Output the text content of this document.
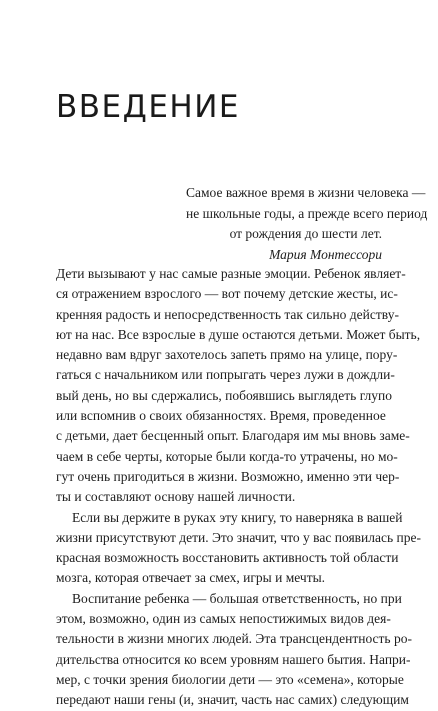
ВВЕДЕНИЕ
Самое важное время в жизни человека —
не школьные годы, а прежде всего период
от рождения до шести лет.
Мария Монтессори
Дети вызывают у нас самые разные эмоции. Ребенок являет-
ся отражением взрослого — вот почему детские жесты, ис-
кренняя радость и непосредственность так сильно действу-
ют на нас. Все взрослые в душе остаются детьми. Может быть,
недавно вам вдруг захотелось запеть прямо на улице, пору-
гаться с начальником или попрыгать через лужи в дождли-
вый день, но вы сдержались, побоявшись выглядеть глупо
или вспомнив о своих обязанностях. Время, проведенное
с детьми, дает бесценный опыт. Благодаря им мы вновь заме-
чаем в себе черты, которые были когда-то утрачены, но мо-
гут очень пригодиться в жизни. Возможно, именно эти чер-
ты и составляют основу нашей личности.
Если вы держите в руках эту книгу, то наверняка в вашей
жизни присутствуют дети. Это значит, что у вас появилась пре-
красная возможность восстановить активность той области
мозга, которая отвечает за смех, игры и мечты.
Воспитание ребенка — большая ответственность, но при
этом, возможно, один из самых непостижимых видов дея-
тельности в жизни многих людей. Эта трансцендентность ро-
дительства относится ко всем уровням нашего бытия. Напри-
мер, с точки зрения биологии дети — это «семена», которые
передают наши гены (и, значит, часть нас самих) следующим
